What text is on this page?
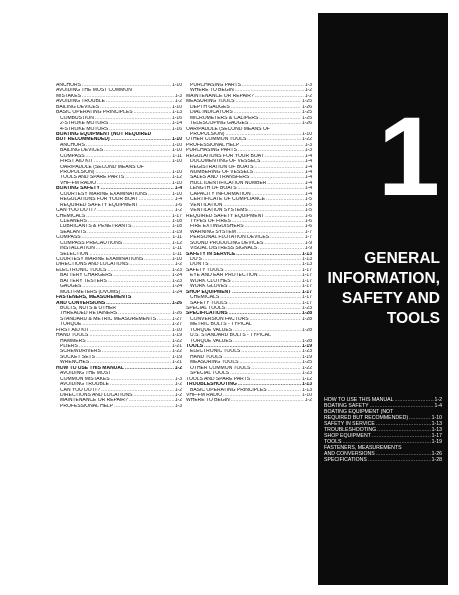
ANCHORS .....	1-10
AVOIDING THE MOST COMMON
MISTAKES .....	1-3
AVOIDING TROUBLE .....	1-2
BAILING DEVICES .....	1-10
BASIC OPERATING PRINCIPLES .....	1-13
COMBUSTION .....	1-16
2-STROKE MOTORS .....	1-14
4-STROKE MOTORS .....	1-16
BOATING EQUIPMENT (NOT REQUIRED
BUT RECOMMENDED) .....	1-10
ANCHORS .....	1-10
BAILING DEVICES .....	1-10
COMPASS .....	1-11
FIRST AID KIT .....	1-10
OAR/PADDLE (SECOND MEANS OF
PROPULSION) .....	1-10
TOOLS AND SPARE PARTS .....	1-12
VHF-FM RADIO .....	1-10
BOATING SAFETY .....	1-4
COURTESY MARINE EXAMINATIONS .....	1-10
REGULATIONS FOR YOUR BOAT .....	1-4
REQUIRED SAFETY EQUIPMENT .....	1-6
CAN YOU DO IT? .....	1-2
CHEMICALS .....	1-17
CLEANERS .....	1-18
LUBRICANTS & PENETRANTS .....	1-18
SEALANTS .....	1-19
COMPASS .....	1-11
COMPASS PRECAUTIONS .....	1-12
INSTALLATION .....	1-11
SELECTION .....	1-11
COURTESY MARINE EXAMINATIONS .....	1-10
DIRECTIONS AND LOCATIONS .....	1-2
ELECTRONIC TOOLS .....	1-23
BATTERY CHARGERS .....	1-24
BATTERY TESTERS .....	1-23
GAUGES .....	1-24
MULTI-METERS (DVOMS) .....	1-24
FASTENERS, MEASUREMENTS
AND CONVERSIONS .....	1-26
BOLTS, NUTS & OTHER
THREADED RETAINERS .....	1-26
STANDARD & METRIC MEASUREMENTS .....	1-27
TORQUE .....	1-27
FIRST AID KIT .....	1-10
HAND TOOLS .....	1-19
HAMMERS .....	1-22
PLIERS .....	1-21
SCREWDRIVERS .....	1-22
SOCKET SETS .....	1-19
WRENCHES .....	1-21
HOW TO USE THIS MANUAL .....	1-2
AVOIDING THE MOST
COMMON MISTAKES .....	1-3
AVOIDING TROUBLE .....	1-2
CAN YOU DO IT? .....	1-2
DIRECTIONS AND LOCATIONS .....	1-2
MAINTENANCE OR REPAIR? .....	1-2
PROFESSIONAL HELP .....	1-3
PURCHASING PARTS .....	1-3
WHERE TO BEGIN .....	1-2
MAINTENANCE OR REPAIR? .....	1-2
MEASURING TOOLS .....	1-25
DEPTH GAUGES .....	1-26
DIAL INDICATORS .....	1-25
MICROMETERS & CALIPERS .....	1-25
TELESCOPING GAUGES .....	1-26
OAR/PADDLE (SECOND MEANS OF
PROPULSION) .....	1-10
OTHER COMMON TOOLS .....	1-22
PROFESSIONAL HELP .....	1-3
PURCHASING PARTS .....	1-3
REGULATIONS FOR YOUR BOAT .....	1-4
DOCUMENTING OF VESSELS .....	1-4
REGISTRATION OF BOATS .....	1-4
NUMBERING OF VESSELS .....	1-4
SALES AND TRANSFERS .....	1-4
HULL IDENTIFICATION NUMBER .....	1-4
LENGTH OF BOATS .....	1-4
CAPACITY INFORMATION .....	1-4
CERTIFICATE OF COMPLIANCE .....	1-5
VENTILATION .....	1-5
VENTILATION SYSTEMS .....	1-5
REQUIRED SAFETY EQUIPMENT .....	1-6
TYPES OF FIRES .....	1-6
FIRE EXTINGUISHERS .....	1-6
WARNING SYSTEM .....	1-7
PERSONAL FLOTATION DEVICES .....	1-7
SOUND PRODUCING DEVICES .....	1-9
VISUAL DISTRESS SIGNALS .....	1-9
SAFETY IN SERVICE .....	1-13
DO'S .....	1-13
DON'TS .....	1-13
SAFETY TOOLS .....	1-17
EYE AND EAR PROTECTION .....	1-17
WORK CLOTHES .....	1-17
WORK GLOVES .....	1-17
SHOP EQUIPMENT .....	1-17
CHEMICALS .....	1-17
SAFETY TOOLS .....	1-17
SPECIAL TOOLS .....	1-23
SPECIFICATIONS .....	1-28
CONVERSION FACTORS .....	1-28
METRIC BOLTS - TYPICAL
TORQUE VALUES .....	1-28
U.S. STANDARD BOLTS - TYPICAL
TORQUE VALUES .....	1-28
TOOLS .....	1-19
ELECTRONIC TOOLS .....	1-23
HAND TOOLS .....	1-19
MEASURING TOOLS .....	1-25
OTHER COMMON TOOLS .....	1-22
SPECIAL TOOLS .....	1-23
TOOLS AND SPARE PARTS .....	1-12
TROUBLESHOOTING .....	1-13
BASIC OPERATING PRINCIPLES .....	1-13
VHF-FM RADIO .....	1-10
WHERE TO BEGIN .....	1-2
1
GENERAL
INFORMATION,
SAFETY AND
TOOLS
HOW TO USE THIS MANUAL .....	1-2
BOATING SAFETY .....	1-4
BOATING EQUIPMENT (NOT
REQUIRED BUT RECOMMENDED) .....	1-10
SAFETY IN SERVICE .....	1-13
TROUBLESHOOTING .....	1-13
SHOP EQUIPMENT .....	1-17
TOOLS .....	1-19
FASTENERS, MEASUREMENTS
AND CONVERSIONS .....	1-26
SPECIFICATIONS .....	1-28
